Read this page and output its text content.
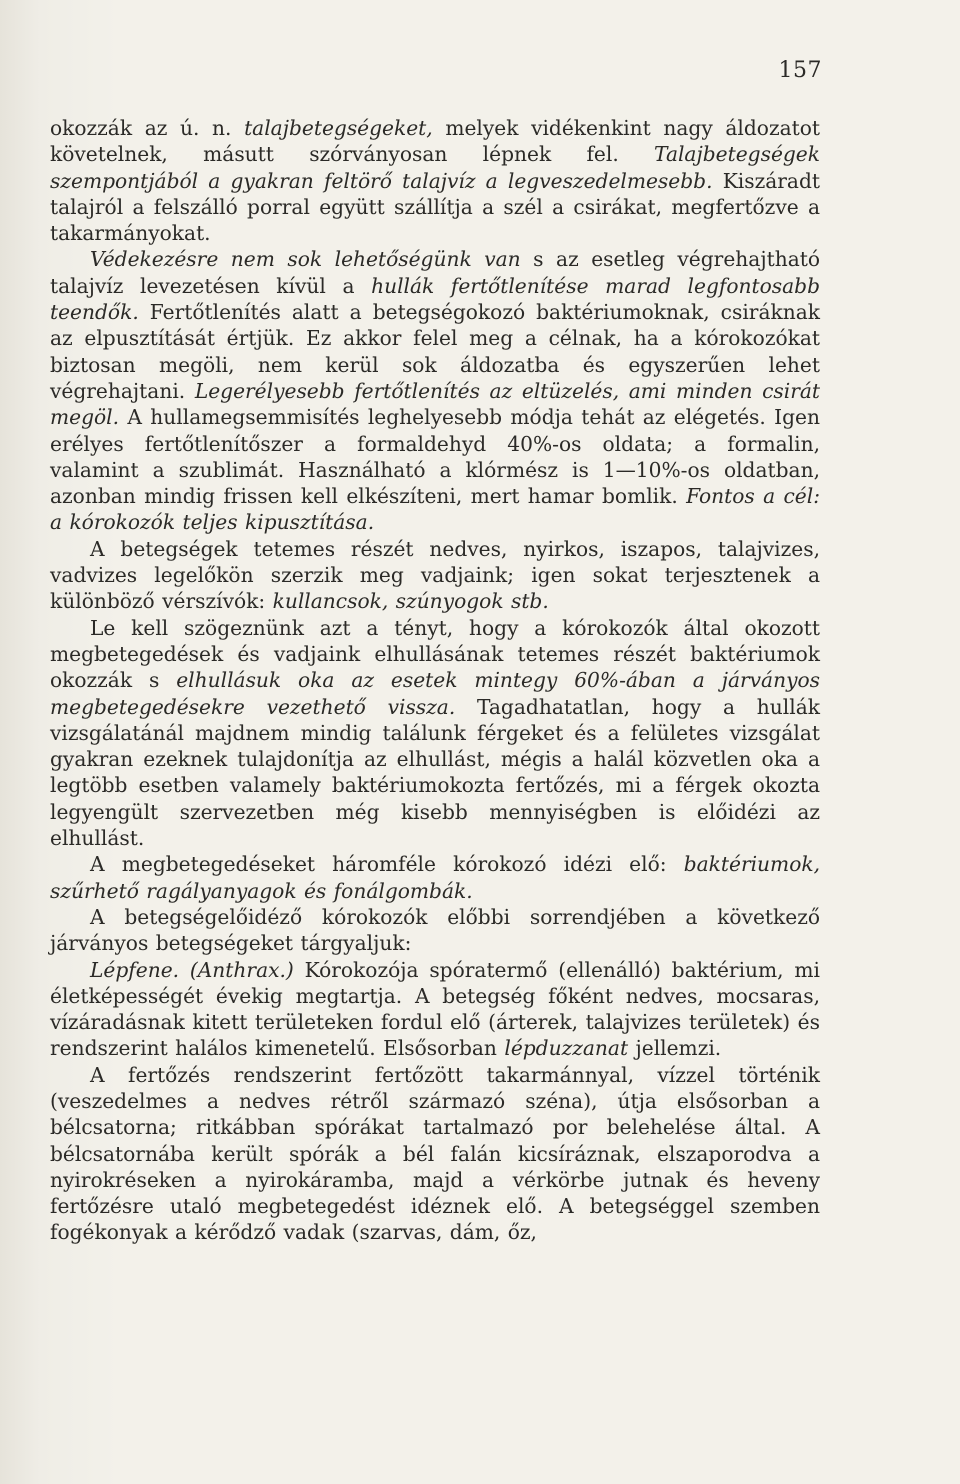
157

okozzák az ú. n. talajbetegségeket, melyek vidékenkint nagy áldozatot követelnek, másutt szórványosan lépnek fel. Talajbetegségek szempontjából a gyakran feltörő talajvíz a legveszedelmesebb. Kiszáradt talajról a felszálló porral együtt szállítja a szél a csirákat, megfertőzve a takarmányokat.

Védekezésre nem sok lehetőségünk van s az esetleg végrehajtható talajvíz levezetésen kívül a hullák fertőtlenítése marad legfontosabb teendők. Fertőtlenítés alatt a betegségokozó baktériumoknak, csiráknak az elpusztítását értjük. Ez akkor felel meg a célnak, ha a kórokozókat biztosan megöli, nem kerül sok áldozatba és egyszerűen lehet végrehajtani. Legerélyesebb fertőtlenítés az eltüzelés, ami minden csirát megöl. A hullamegsemmisítés leghelyesebb módja tehát az elégetés. Igen erélyes fertőtlenítőszer a formaldehyd 40%-os oldata; a formalin, valamint a szublimát. Használható a klórmész is 1—10%-os oldatban, azonban mindig frissen kell elkészíteni, mert hamar bomlik. Fontos a cél: a kórokozók teljes kipusztítása.

A betegségek tetemes részét nedves, nyirkos, iszapos, talajvizes, vadvizes legelőkön szerzik meg vadjaink; igen sokat terjesztenek a különböző vérszívók: kullancsok, szúnyogok stb.

Le kell szögeznünk azt a tényt, hogy a kórokozók által okozott megbetegedések és vadjaink elhullásának tetemes részét baktériumok okozzák s elhullásuk oka az esetek mintegy 60%-ában a járványos megbetegedésekre vezethető vissza. Tagadhatatlan, hogy a hullák vizsgálatánál majdnem mindig találunk férgeket és a felületes vizsgálat gyakran ezeknek tulajdonítja az elhullást, mégis a halál közvetlen oka a legtöbb esetben valamely baktériumokozta fertőzés, mi a férgek okozta legyengült szervezetben még kisebb mennyiségben is előidézi az elhullást.

A megbetegedéseket háromféle kórokozó idézi elő: baktériumok, szűrhető ragályanyagok és fonálgombák.

A betegségelőidéző kórokozók előbbi sorrendjében a következő járványos betegségeket tárgyaljuk:

Lépfene. (Anthrax.) Kórokozója spóratermő (ellenálló) baktérium, mi életképességét évekig megtartja. A betegség főként nedves, mocsaras, vízáradásnak kitett területeken fordul elő (árterek, talajvizes területek) és rendszerint halálos kimenetelű. Elsősorban lépduzzanat jellemzi.

A fertőzés rendszerint fertőzött takarmánnyal, vízzel történik (veszedelmes a nedves rétről származó széna), útja elsősorban a bélcsatorna; ritkábban spórákat tartalmazó por belehelése által. A bélcsatornába került spórák a bél falán kicsíráznak, elszaporodva a nyirokréseken a nyirokáramba, majd a vérkörbe jutnak és heveny fertőzésre utaló megbetegedést idéznek elő. A betegséggel szemben fogékonyak a kérődző vadak (szarvas, dám, őz,
